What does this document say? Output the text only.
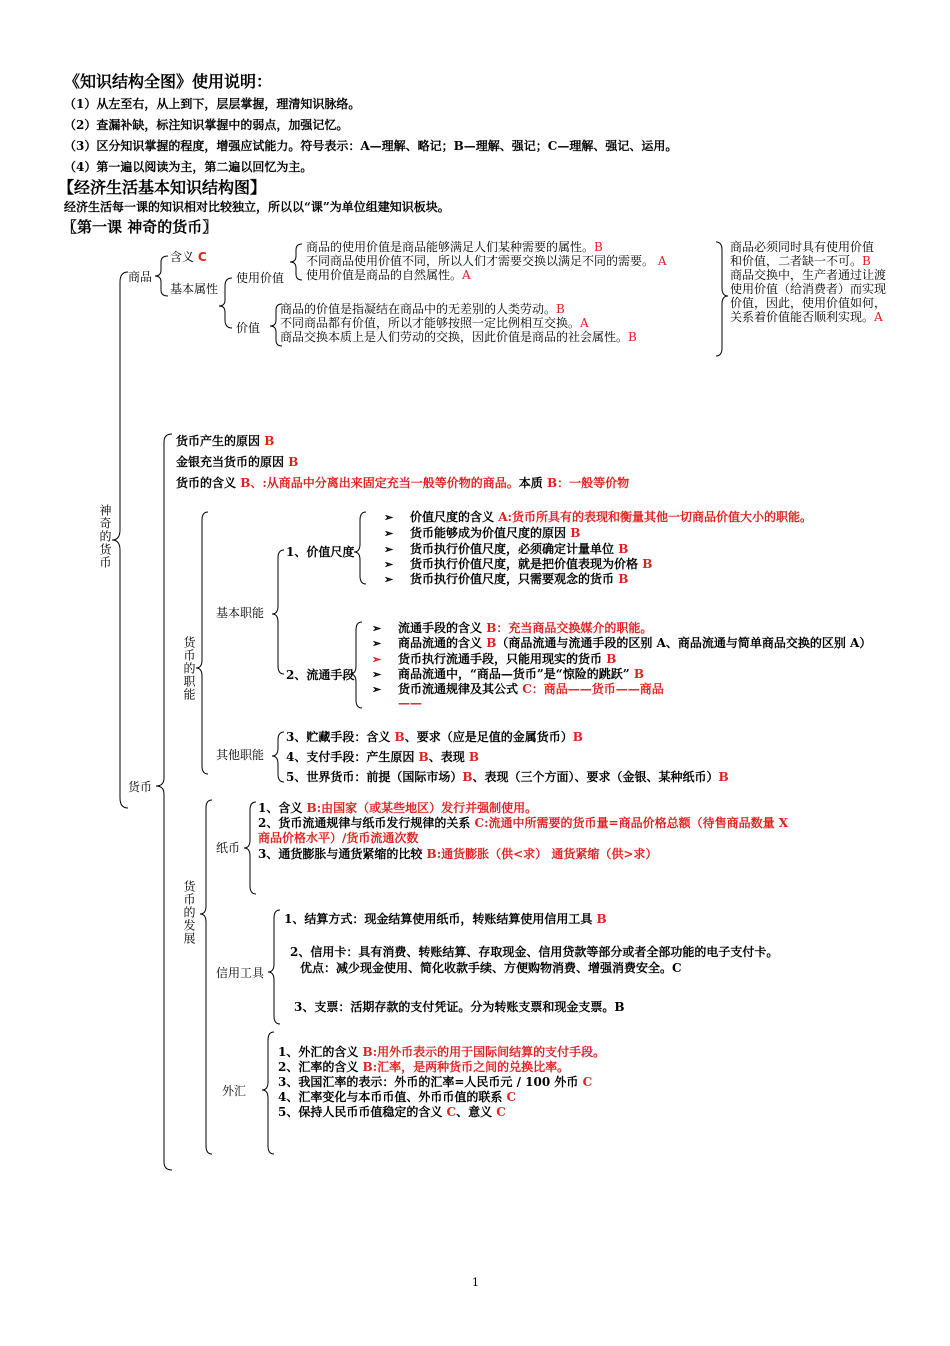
《知识结构全图》使用说明：
（1）从左至右，从上到下，层层掌握，理清知识脉络。
（2）查漏补缺，标注知识掌握中的弱点，加强记忆。
（3）区分知识掌握的程度，增强应试能力。符号表示：A—理解、略记；B—理解、强记；C—理解、强记、运用。
（4）第一遍以阅读为主，第二遍以回忆为主。
【经济生活基本知识结构图】
经济生活每一课的知识相对比较独立，所以以“课”为单位组建知识板块。
〖第一课 神奇的货币〗
神奇的货币
商品
含义 C
基本属性
使用价值
价值
商品的使用价值是商品能够满足人们某种需要的属性。B
不同商品使用价值不同，所以人们才需要交换以满足不同的需要。 A
使用价值是商品的自然属性。A
商品的价值是指凝结在商品中的无差别的人类劳动。B
不同商品都有价值，所以才能够按照一定比例相互交换。A
商品交换本质上是人们劳动的交换，因此价值是商品的社会属性。B
商品必须同时具有使用价值
和价值，二者缺一不可。B
商品交换中，生产者通过让渡
使用价值（给消费者）而实现
价值，因此，使用价值如何，
关系着价值能否顺利实现。A
货币
货币产生的原因 B
金银充当货币的原因 B
货币的含义 B、:从商品中分离出来固定充当一般等价物的商品。本质 B：一般等价物
货币的职能
基本职能
其他职能
1、价值尺度
➢ 价值尺度的含义 A:货币所具有的表现和衡量其他一切商品价值大小的职能。
➢ 货币能够成为价值尺度的原因 B
➢ 货币执行价值尺度，必须确定计量单位 B
➢ 货币执行价值尺度，就是把价值表现为价格 B
➢ 货币执行价值尺度，只需要观念的货币 B
2、流通手段
➢ 流通手段的含义 B：充当商品交换媒介的职能。
➢ 商品流通的含义 B（商品流通与流通手段的区别 A、商品流通与简单商品交换的区别 A）
➢ 货币执行流通手段，只能用现实的货币 B
➢ 商品流通中，“商品—货币”是“惊险的跳跃” B
➢ 货币流通规律及其公式 C：商品——货币——商品
——
3、贮藏手段：含义 B、要求（应是足值的金属货币）B
4、支付手段：产生原因 B、表现 B
5、世界货币：前提（国际市场）B、表现（三个方面）、要求（金银、某种纸币）B
货币的发展
纸币
1、含义 B:由国家（或某些地区）发行并强制使用。
2、货币流通规律与纸币发行规律的关系 C:流通中所需要的货币量=商品价格总额（待售商品数量 X
商品价格水平）/货币流通次数
3、通货膨胀与通货紧缩的比较 B:通货膨胀（供<求） 通货紧缩（供>求）
信用工具
1、结算方式：现金结算使用纸币，转账结算使用信用工具 B
2、信用卡：具有消费、转账结算、存取现金、信用贷款等部分或者全部功能的电子支付卡。
优点：减少现金使用、简化收款手续、方便购物消费、增强消费安全。C
3、支票：活期存款的支付凭证。分为转账支票和现金支票。B
外汇
1、外汇的含义 B:用外币表示的用于国际间结算的支付手段。
2、汇率的含义 B:汇率，是两种货币之间的兑换比率。
3、我国汇率的表示：外币的汇率=人民币元 / 100 外币 C
4、汇率变化与本币币值、外币币值的联系 C
5、保持人民币币值稳定的含义 C、意义 C
1
